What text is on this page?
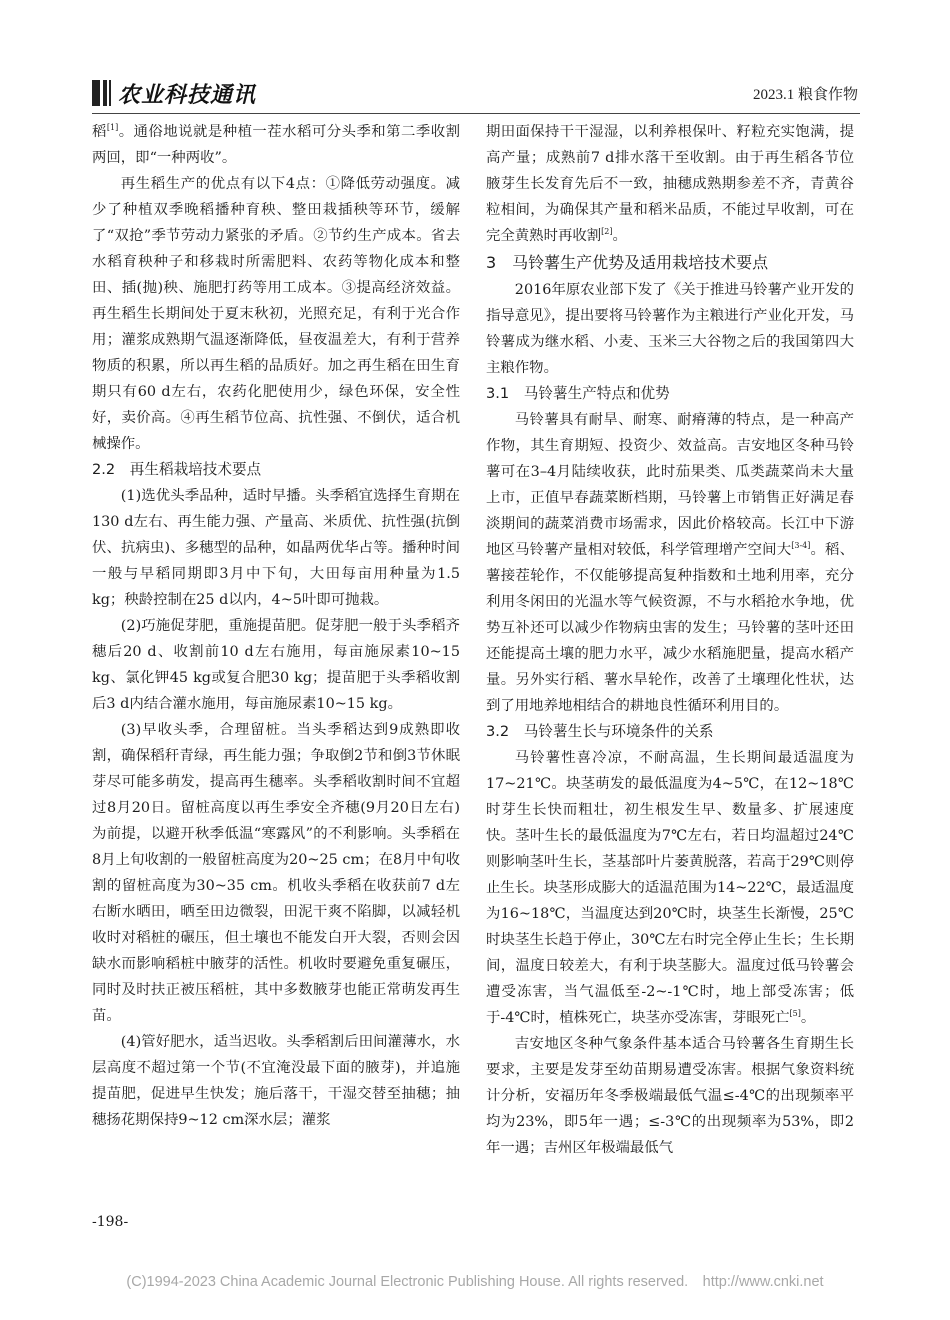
农业科技通讯	2023.1 粮食作物

稻[1]。通俗地说就是种植一茬水稻可分头季和第二季收割两回，即“一种两收”。

再生稻生产的优点有以下4点：①降低劳动强度。减少了种植双季晚稻播种育秧、整田栽插秧等环节，缓解了“双抢”季节劳动力紧张的矛盾。②节约生产成本。省去水稻育秧种子和移栽时所需肥料、农药等物化成本和整田、插(抛)秧、施肥打药等用工成本。③提高经济效益。再生稻生长期间处于夏末秋初，光照充足，有利于光合作用；灌浆成熟期气温逐渐降低，昼夜温差大，有利于营养物质的积累，所以再生稻的品质好。加之再生稻在田生育期只有60 d左右，农药化肥使用少，绿色环保，安全性好，卖价高。④再生稻节位高、抗性强、不倒伏，适合机械操作。

2.2　再生稻栽培技术要点

(1)选优头季品种，适时早播。头季稻宜选择生育期在130 d左右、再生能力强、产量高、米质优、抗性强(抗倒伏、抗病虫)、多穗型的品种，如晶两优华占等。播种时间一般与早稻同期即3月中下旬，大田每亩用种量为1.5 kg；秧龄控制在25 d以内，4~5叶即可抛栽。

(2)巧施促芽肥，重施提苗肥。促芽肥一般于头季稻齐穗后20 d、收割前10 d左右施用，每亩施尿素10~15 kg、氯化钾45 kg或复合肥30 kg；提苗肥于头季稻收割后3 d内结合灌水施用，每亩施尿素10~15 kg。

(3)早收头季，合理留桩。当头季稻达到9成熟即收割，确保稻秆青绿，再生能力强；争取倒2节和倒3节休眠芽尽可能多萌发，提高再生穗率。头季稻收割时间不宜超过8月20日。留桩高度以再生季安全齐穗(9月20日左右)为前提，以避开秋季低温“寒露风”的不利影响。头季稻在8月上旬收割的一般留桩高度为20~25 cm；在8月中旬收割的留桩高度为30~35 cm。机收头季稻在收获前7 d左右断水晒田，晒至田边微裂，田泥干爽不陷脚，以减轻机收时对稻桩的碾压，但土壤也不能发白开大裂，否则会因缺水而影响稻桩中腋芽的活性。机收时要避免重复碾压，同时及时扶正被压稻桩，其中多数腋芽也能正常萌发再生苗。

(4)管好肥水，适当迟收。头季稻割后田间灌薄水，水层高度不超过第一个节(不宜淹没最下面的腋芽)，并追施提苗肥，促进早生快发；施后落干，干湿交替至抽穗；抽穗扬花期保持9~12 cm深水层；灌浆

期田面保持干干湿湿，以利养根保叶、籽粒充实饱满，提高产量；成熟前7 d排水落干至收割。由于再生稻各节位腋芽生长发育先后不一致，抽穗成熟期参差不齐，青黄谷粒相间，为确保其产量和稻米品质，不能过早收割，可在完全黄熟时再收割[2]。

3　马铃薯生产优势及适用栽培技术要点

2016年原农业部下发了《关于推进马铃薯产业开发的指导意见》，提出要将马铃薯作为主粮进行产业化开发，马铃薯成为继水稻、小麦、玉米三大谷物之后的我国第四大主粮作物。

3.1　马铃薯生产特点和优势

马铃薯具有耐旱、耐寒、耐瘠薄的特点，是一种高产作物，其生育期短、投资少、效益高。吉安地区冬种马铃薯可在3–4月陆续收获，此时茄果类、瓜类蔬菜尚未大量上市，正值早春蔬菜断档期，马铃薯上市销售正好满足春淡期间的蔬菜消费市场需求，因此价格较高。长江中下游地区马铃薯产量相对较低，科学管理增产空间大[3-4]。稻、薯接茬轮作，不仅能够提高复种指数和土地利用率，充分利用冬闲田的光温水等气候资源，不与水稻抢水争地，优势互补还可以减少作物病虫害的发生；马铃薯的茎叶还田还能提高土壤的肥力水平，减少水稻施肥量，提高水稻产量。另外实行稻、薯水旱轮作，改善了土壤理化性状，达到了用地养地相结合的耕地良性循环利用目的。

3.2　马铃薯生长与环境条件的关系

马铃薯性喜冷凉，不耐高温，生长期间最适温度为17~21℃。块茎萌发的最低温度为4~5℃，在12~18℃时芽生长快而粗壮，初生根发生早、数量多、扩展速度快。茎叶生长的最低温度为7℃左右，若日均温超过24℃则影响茎叶生长，茎基部叶片萎黄脱落，若高于29℃则停止生长。块茎形成膨大的适温范围为14~22℃，最适温度为16~18℃，当温度达到20℃时，块茎生长渐慢，25℃时块茎生长趋于停止，30℃左右时完全停止生长；生长期间，温度日较差大，有利于块茎膨大。温度过低马铃薯会遭受冻害，当气温低至-2~-1℃时，地上部受冻害；低于-4℃时，植株死亡，块茎亦受冻害，芽眼死亡[5]。

吉安地区冬种气象条件基本适合马铃薯各生育期生长要求，主要是发芽至幼苗期易遭受冻害。根据气象资料统计分析，安福历年冬季极端最低气温≤-4℃的出现频率平均为23%，即5年一遇；≤-3℃的出现频率为53%，即2年一遇；吉州区年极端最低气

-198-
(C)1994-2023 China Academic Journal Electronic Publishing House. All rights reserved.　http://www.cnki.net
